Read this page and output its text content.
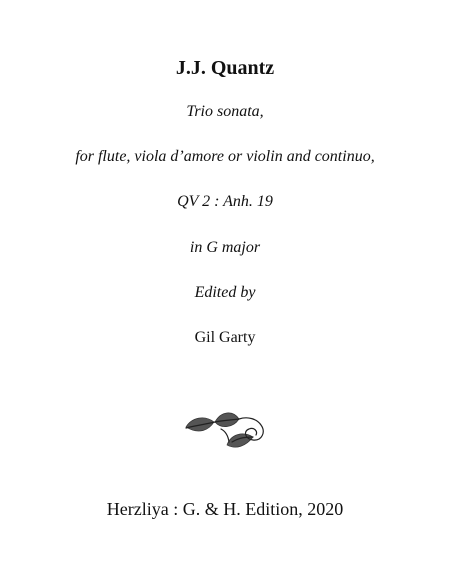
J.J. Quantz
Trio sonata,
for flute, viola d’amore or violin and continuo,
QV 2 : Anh. 19
in G major
Edited by
Gil Garty
Herzliya : G. & H. Edition, 2020
